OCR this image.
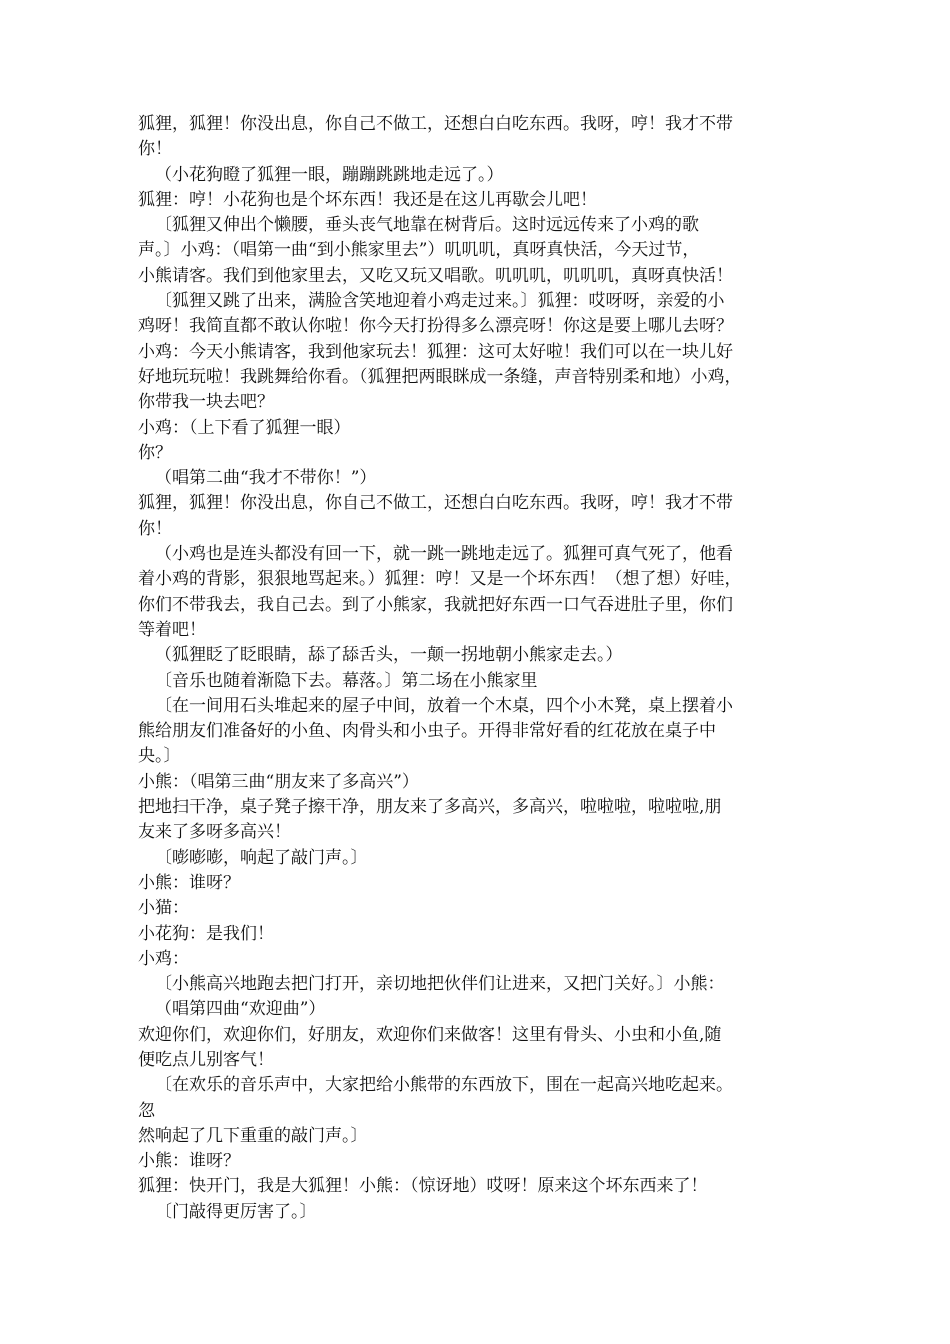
狐狸，狐狸！你没出息，你自己不做工，还想白白吃东西。我呀，哼！我才不带
你！
（小花狗瞪了狐狸一眼，蹦蹦跳跳地走远了。）
狐狸：哼！小花狗也是个坏东西！我还是在这儿再歇会儿吧！
〔狐狸又伸出个懒腰，垂头丧气地靠在树背后。这时远远传来了小鸡的歌
声。〕小鸡：（唱第一曲“到小熊家里去”）叽叽叽，真呀真快活，今天过节，
小熊请客。我们到他家里去，又吃又玩又唱歌。叽叽叽，叽叽叽，真呀真快活！
〔狐狸又跳了出来，满脸含笑地迎着小鸡走过来。〕狐狸：哎呀呀，亲爱的小
鸡呀！我简直都不敢认你啦！你今天打扮得多么漂亮呀！你这是要上哪儿去呀？
小鸡：今天小熊请客，我到他家玩去！狐狸：这可太好啦！我们可以在一块儿好
好地玩玩啦！我跳舞给你看。（狐狸把两眼眯成一条缝，声音特别柔和地）小鸡，
你带我一块去吧？
小鸡：（上下看了狐狸一眼）
你？
（唱第二曲“我才不带你！”）
狐狸，狐狸！你没出息，你自己不做工，还想白白吃东西。我呀，哼！我才不带
你！
（小鸡也是连头都没有回一下，就一跳一跳地走远了。狐狸可真气死了，他看
着小鸡的背影，狠狠地骂起来。）狐狸：哼！又是一个坏东西！（想了想）好哇，
你们不带我去，我自己去。到了小熊家，我就把好东西一口气吞进肚子里，你们
等着吧！
（狐狸眨了眨眼睛，舔了舔舌头，一颠一拐地朝小熊家走去。）
〔音乐也随着渐隐下去。幕落。〕第二场在小熊家里
〔在一间用石头堆起来的屋子中间，放着一个木桌，四个小木凳，桌上摆着小
熊给朋友们准备好的小鱼、肉骨头和小虫子。开得非常好看的红花放在桌子中
央。〕
小熊：（唱第三曲“朋友来了多高兴”）
把地扫干净，桌子凳子擦干净，朋友来了多高兴，多高兴，啦啦啦，啦啦啦,朋
友来了多呀多高兴！
〔嘭嘭嘭，响起了敲门声。〕
小熊：谁呀？
小猫：
小花狗：是我们！
小鸡：
〔小熊高兴地跑去把门打开，亲切地把伙伴们让进来，又把门关好。〕小熊：
（唱第四曲“欢迎曲”）
欢迎你们，欢迎你们，好朋友，欢迎你们来做客！这里有骨头、小虫和小鱼,随
便吃点儿别客气！
〔在欢乐的音乐声中，大家把给小熊带的东西放下，围在一起高兴地吃起来。
忽
然响起了几下重重的敲门声。〕
小熊：谁呀？
狐狸：快开门，我是大狐狸！小熊：（惊讶地）哎呀！原来这个坏东西来了！
〔门敲得更厉害了。〕
